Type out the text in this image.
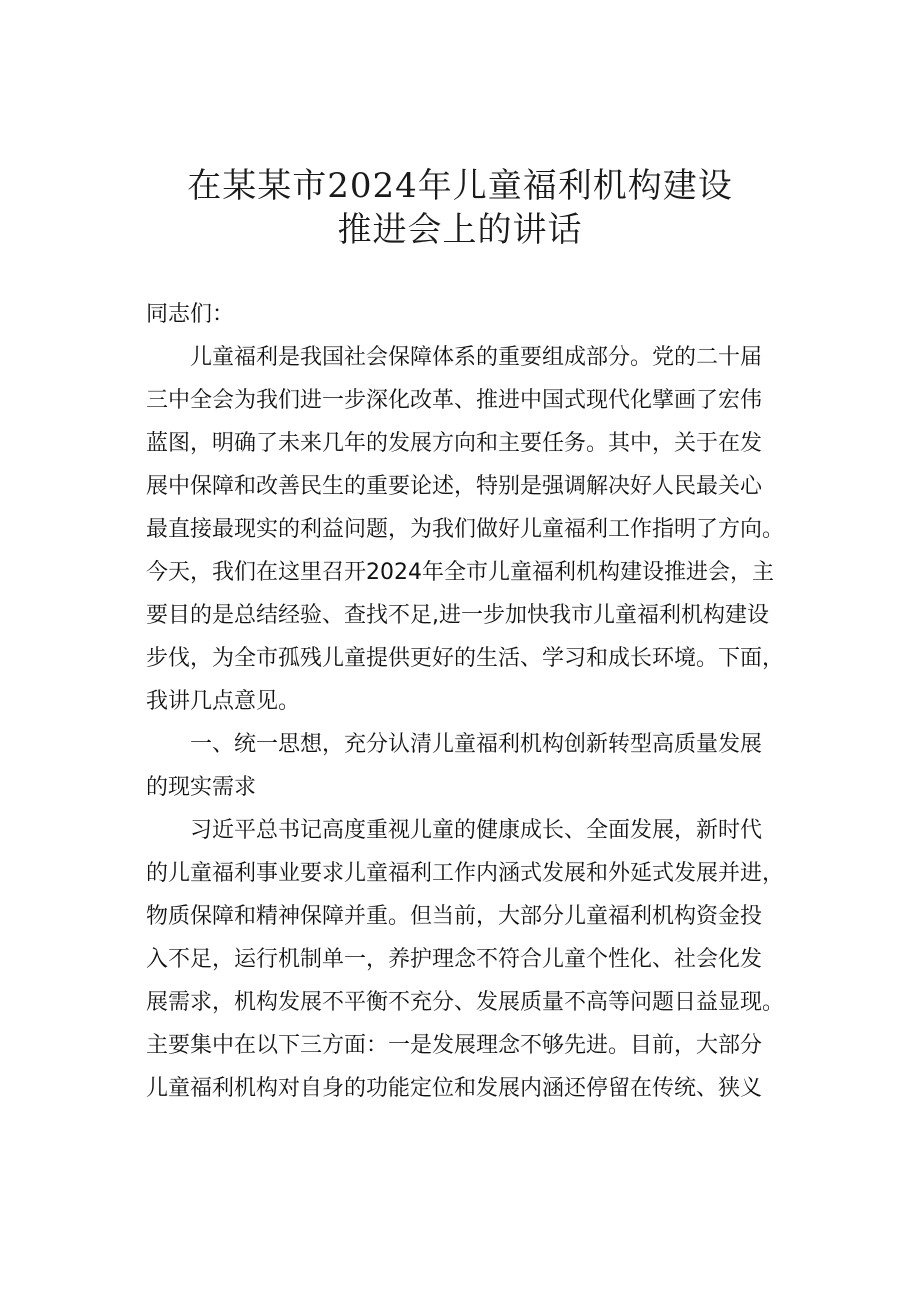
在某某市2024年儿童福利机构建设
推进会上的讲话
同志们：
　　儿童福利是我国社会保障体系的重要组成部分。党的二十届
三中全会为我们进一步深化改革、推进中国式现代化擘画了宏伟
蓝图，明确了未来几年的发展方向和主要任务。其中，关于在发
展中保障和改善民生的重要论述，特别是强调解决好人民最关心
最直接最现实的利益问题，为我们做好儿童福利工作指明了方向。
今天，我们在这里召开2024年全市儿童福利机构建设推进会，主
要目的是总结经验、查找不足,进一步加快我市儿童福利机构建设
步伐，为全市孤残儿童提供更好的生活、学习和成长环境。下面，
我讲几点意见。
　　一、统一思想，充分认清儿童福利机构创新转型高质量发展
的现实需求
　　习近平总书记高度重视儿童的健康成长、全面发展，新时代
的儿童福利事业要求儿童福利工作内涵式发展和外延式发展并进，
物质保障和精神保障并重。但当前，大部分儿童福利机构资金投
入不足，运行机制单一，养护理念不符合儿童个性化、社会化发
展需求，机构发展不平衡不充分、发展质量不高等问题日益显现。
主要集中在以下三方面：一是发展理念不够先进。目前，大部分
儿童福利机构对自身的功能定位和发展内涵还停留在传统、狭义
